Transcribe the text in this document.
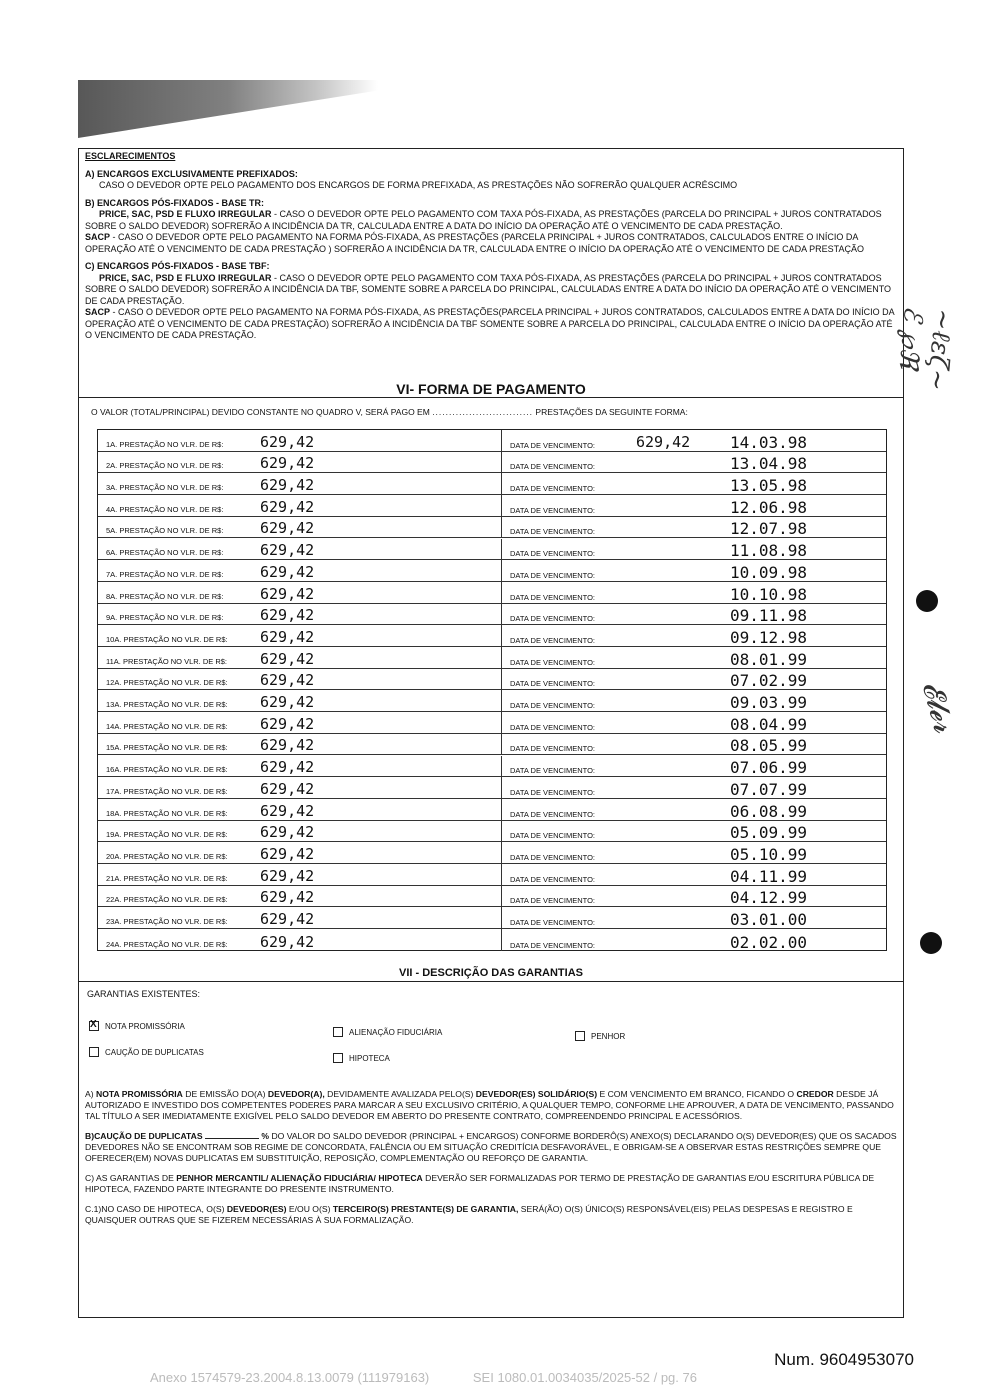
ESCLARECIMENTOS

A) ENCARGOS EXCLUSIVAMENTE PREFIXADOS:
CASO O DEVEDOR OPTE PELO PAGAMENTO DOS ENCARGOS DE FORMA PREFIXADA, AS PRESTAÇÕES NÃO SOFRERÃO QUALQUER ACRÉSCIMO

B) ENCARGOS PÓS-FIXADOS - BASE TR:
PRICE, SAC, PSD E FLUXO IRREGULAR - CASO O DEVEDOR OPTE PELO PAGAMENTO COM TAXA PÓS-FIXADA, AS PRESTAÇÕES (PARCELA DO PRINCIPAL + JUROS CONTRATADOS SOBRE O SALDO DEVEDOR) SOFRERÃO A INCIDÊNCIA DA TR, CALCULADA ENTRE A DATA DO INÍCIO DA OPERAÇÃO ATÉ O VENCIMENTO DE CADA PRESTAÇÃO.
SACP - CASO O DEVEDOR OPTE PELO PAGAMENTO NA FORMA PÓS-FIXADA, AS PRESTAÇÕES (PARCELA PRINCIPAL + JUROS CONTRATADOS, CALCULADOS ENTRE O INÍCIO DA OPERAÇÃO ATÉ O VENCIMENTO DE CADA PRESTAÇÃO ) SOFRERÃO A INCIDÊNCIA DA TR, CALCULADA ENTRE O INÍCIO DA OPERAÇÃO ATÉ O VENCIMENTO DE CADA PRESTAÇÃO

C) ENCARGOS PÓS-FIXADOS - BASE TBF:
PRICE, SAC, PSD E FLUXO IRREGULAR - CASO O DEVEDOR OPTE PELO PAGAMENTO COM TAXA PÓS-FIXADA, AS PRESTAÇÕES (PARCELA DO PRINCIPAL + JUROS CONTRATADOS SOBRE O SALDO DEVEDOR) SOFRERÃO A INCIDÊNCIA DA TBF, SOMENTE SOBRE A PARCELA DO PRINCIPAL, CALCULADAS ENTRE A DATA DO INÍCIO DA OPERAÇÃO ATÉ O VENCIMENTO DE CADA PRESTAÇÃO.
SACP - CASO O DEVEDOR OPTE PELO PAGAMENTO NA FORMA PÓS-FIXADA, AS PRESTAÇÕES(PARCELA PRINCIPAL + JUROS CONTRATADOS, CALCULADOS ENTRE A DATA DO INÍCIO DA OPERAÇÃO ATÉ O VENCIMENTO DE CADA PRESTAÇÃO) SOFRERÃO A INCIDÊNCIA DA TBF SOMENTE SOBRE A PARCELA DO PRINCIPAL, CALCULADA ENTRE O INÍCIO DA OPERAÇÃO ATÉ O VENCIMENTO DE CADA PRESTAÇÃO.

VI- FORMA DE PAGAMENTO
O VALOR (TOTAL/PRINCIPAL) DEVIDO CONSTANTE NO QUADRO V, SERÁ PAGO EM .............................. PRESTAÇÕES DA SEGUINTE FORMA:
1A. PRESTAÇÃO NO VLR. DE R$: 629,42	DATA DE VENCIMENTO:	629,42 14.03.98
2A. PRESTAÇÃO NO VLR. DE R$: 629,42	DATA DE VENCIMENTO:	13.04.98
3A. PRESTAÇÃO NO VLR. DE R$: 629,42	DATA DE VENCIMENTO:	13.05.98
4A. PRESTAÇÃO NO VLR. DE R$: 629,42	DATA DE VENCIMENTO:	12.06.98
5A. PRESTAÇÃO NO VLR. DE R$: 629,42	DATA DE VENCIMENTO:	12.07.98
6A. PRESTAÇÃO NO VLR. DE R$: 629,42	DATA DE VENCIMENTO:	11.08.98
7A. PRESTAÇÃO NO VLR. DE R$: 629,42	DATA DE VENCIMENTO:	10.09.98
8A. PRESTAÇÃO NO VLR. DE R$: 629,42	DATA DE VENCIMENTO:	10.10.98
9A. PRESTAÇÃO NO VLR. DE R$: 629,42	DATA DE VENCIMENTO:	09.11.98
10A. PRESTAÇÃO NO VLR. DE R$: 629,42	DATA DE VENCIMENTO:	09.12.98
11A. PRESTAÇÃO NO VLR. DE R$: 629,42	DATA DE VENCIMENTO:	08.01.99
12A. PRESTAÇÃO NO VLR. DE R$: 629,42	DATA DE VENCIMENTO:	07.02.99
13A. PRESTAÇÃO NO VLR. DE R$: 629,42	DATA DE VENCIMENTO:	09.03.99
14A. PRESTAÇÃO NO VLR. DE R$: 629,42	DATA DE VENCIMENTO:	08.04.99
15A. PRESTAÇÃO NO VLR. DE R$: 629,42	DATA DE VENCIMENTO:	08.05.99
16A. PRESTAÇÃO NO VLR. DE R$: 629,42	DATA DE VENCIMENTO:	07.06.99
17A. PRESTAÇÃO NO VLR. DE R$: 629,42	DATA DE VENCIMENTO:	07.07.99
18A. PRESTAÇÃO NO VLR. DE R$: 629,42	DATA DE VENCIMENTO:	06.08.99
19A. PRESTAÇÃO NO VLR. DE R$: 629,42	DATA DE VENCIMENTO:	05.09.99
20A. PRESTAÇÃO NO VLR. DE R$: 629,42	DATA DE VENCIMENTO:	05.10.99
21A. PRESTAÇÃO NO VLR. DE R$: 629,42	DATA DE VENCIMENTO:	04.11.99
22A. PRESTAÇÃO NO VLR. DE R$: 629,42	DATA DE VENCIMENTO:	04.12.99
23A. PRESTAÇÃO NO VLR. DE R$: 629,42	DATA DE VENCIMENTO:	03.01.00
24A. PRESTAÇÃO NO VLR. DE R$: 629,42	DATA DE VENCIMENTO:	02.02.00
VII - DESCRIÇÃO DAS GARANTIAS
GARANTIAS EXISTENTES:
X
NOTA PROMISSÓRIA
ALIENAÇÃO FIDUCIÁRIA	PENHOR
CAUÇÃO DE DUPLICATAS
HIPOTECA

A) NOTA PROMISSÓRIA DE EMISSÃO DO(A) DEVEDOR(A), DEVIDAMENTE AVALIZADA PELO(S) DEVEDOR(ES) SOLIDÁRIO(S) E COM VENCIMENTO EM BRANCO, FICANDO O CREDOR DESDE JÁ AUTORIZADO E INVESTIDO DOS COMPETENTES PODERES PARA MARCAR A SEU EXCLUSIVO CRITÉRIO, A QUALQUER TEMPO, CONFORME LHE APROUVER, A DATA DE VENCIMENTO, PASSANDO TAL TÍTULO A SER IMEDIATAMENTE EXIGÍVEL PELO SALDO DEVEDOR EM ABERTO DO PRESENTE CONTRATO, COMPREENDENDO PRINCIPAL E ACESSÓRIOS.

B)CAUÇÃO DE DUPLICATAS	% DO VALOR DO SALDO DEVEDOR (PRINCIPAL + ENCARGOS) CONFORME BORDERÔ(S) ANEXO(S) DECLARANDO O(S) DEVEDOR(ES) QUE OS SACADOS DEVEDORES NÃO SE ENCONTRAM SOB REGIME DE CONCORDATA, FALÊNCIA OU EM SITUAÇÃO CREDITÍCIA DESFAVORÁVEL, E OBRIGAM-SE A OBSERVAR ESTAS RESTRIÇÕES SEMPRE QUE OFERECER(EM) NOVAS DUPLICATAS EM SUBSTITUIÇÃO, REPOSIÇÃO, COMPLEMENTAÇÃO OU REFORÇO DE GARANTIA.

C) AS GARANTIAS DE PENHOR MERCANTIL/ ALIENAÇÃO FIDUCIÁRIA/ HIPOTECA DEVERÃO SER FORMALIZADAS POR TERMO DE PRESTAÇÃO DE GARANTIAS E/OU ESCRITURA PÚBLICA DE HIPOTECA, FAZENDO PARTE INTEGRANTE DO PRESENTE INSTRUMENTO.

C.1)NO CASO DE HIPOTECA, O(S) DEVEDOR(ES) E/OU O(S) TERCEIRO(S) PRESTANTE(S) DE GARANTIA, SERÁ(ÃO) O(S) ÚNICO(S) RESPONSÁVEL(EIS) PELAS DESPESAS E REGISTRO E QUAISQUER OUTRAS QUE SE FIZEREM NECESSÁRIAS À SUA FORMALIZAÇÃO.

~ℓεζ~ ℰ ℘ℜ
𝓔𝓵𝓮𝓻
Num. 9604953070
Anexo 1574579-23.2004.8.13.0079 (111979163)	SEI 1080.01.0034035/2025-52 / pg. 76
